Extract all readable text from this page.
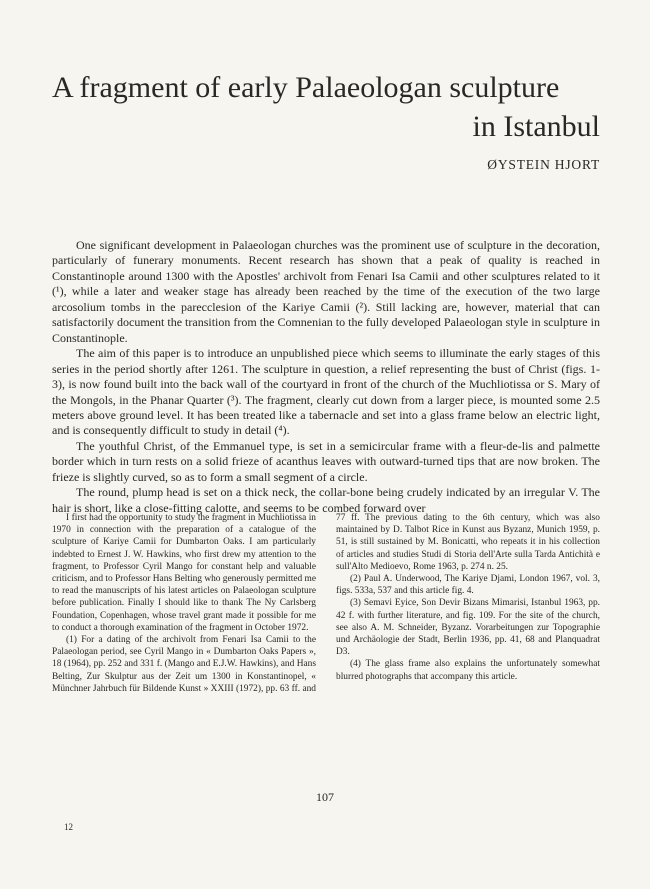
A fragment of early Palaeologan sculpture
in Istanbul
ØYSTEIN HJORT

One significant development in Palaeologan churches was the prominent use of sculpture in the decoration, particularly of funerary monuments. Recent research has shown that a peak of quality is reached in Constantinople around 1300 with the Apostles' archivolt from Fenari Isa Camii and other sculptures related to it (¹), while a later and weaker stage has already been reached by the time of the execution of the two large arcosolium tombs in the parecclesion of the Kariye Camii (²). Still lacking are, however, material that can satisfactorily document the transition from the Comnenian to the fully developed Palaeologan style in sculpture in Constantinople.

The aim of this paper is to introduce an unpublished piece which seems to illuminate the early stages of this series in the period shortly after 1261. The sculpture in question, a relief representing the bust of Christ (figs. 1-3), is now found built into the back wall of the courtyard in front of the church of the Muchliotissa or S. Mary of the Mongols, in the Phanar Quarter (³). The fragment, clearly cut down from a larger piece, is mounted some 2.5 meters above ground level. It has been treated like a tabernacle and set into a glass frame below an electric light, and is consequently difficult to study in detail (⁴).

The youthful Christ, of the Emmanuel type, is set in a semicircular frame with a fleur-de-lis and palmette border which in turn rests on a solid frieze of acanthus leaves with outward-turned tips that are now broken. The frieze is slightly curved, so as to form a small segment of a circle.

The round, plump head is set on a thick neck, the collar-bone being crudely indicated by an irregular V. The hair is short, like a close-fitting calotte, and seems to be combed forward over

I first had the opportunity to study the fragment in Muchliotissa in 1970 in connection with the preparation of a catalogue of the sculpture of Kariye Camii for Dumbarton Oaks. I am particularly indebted to Ernest J. W. Hawkins, who first drew my attention to the fragment, to Professor Cyril Mango for constant help and valuable criticism, and to Professor Hans Belting who generously permitted me to read the manuscripts of his latest articles on Palaeologan sculpture before publication. Finally I should like to thank The Ny Carlsberg Foundation, Copenhagen, whose travel grant made it possible for me to conduct a thorough examination of the fragment in October 1972.

(1) For a dating of the archivolt from Fenari Isa Camii to the Palaeologan period, see Cyril Mango in « Dumbarton Oaks Papers », 18 (1964), pp. 252 and 331 f. (Mango and E.J.W. Hawkins), and Hans Belting, Zur Skulptur aus der Zeit um 1300 in Konstantinopel, « Münchner Jahrbuch für Bildende Kunst » XXIII (1972), pp. 63 ff. and 77 ff. The previous dating to the 6th century, which was also maintained by D. Talbot Rice in Kunst aus Byzanz, Munich 1959, p. 51, is still sustained by M. Bonicatti, who repeats it in his collection of articles and studies Studi di Storia dell'Arte sulla Tarda Antichità e sull'Alto Medioevo, Rome 1963, p. 274 n. 25.

(2) Paul A. Underwood, The Kariye Djami, London 1967, vol. 3, figs. 533a, 537 and this article fig. 4.

(3) Semavi Eyice, Son Devir Bizans Mimarisi, Istanbul 1963, pp. 42 f. with further literature, and fig. 109. For the site of the church, see also A. M. Schneider, Byzanz. Vorarbeitungen zur Topographie und Archäologie der Stadt, Berlin 1936, pp. 41, 68 and Planquadrat D3.

(4) The glass frame also explains the unfortunately somewhat blurred photographs that accompany this article.

107
12
